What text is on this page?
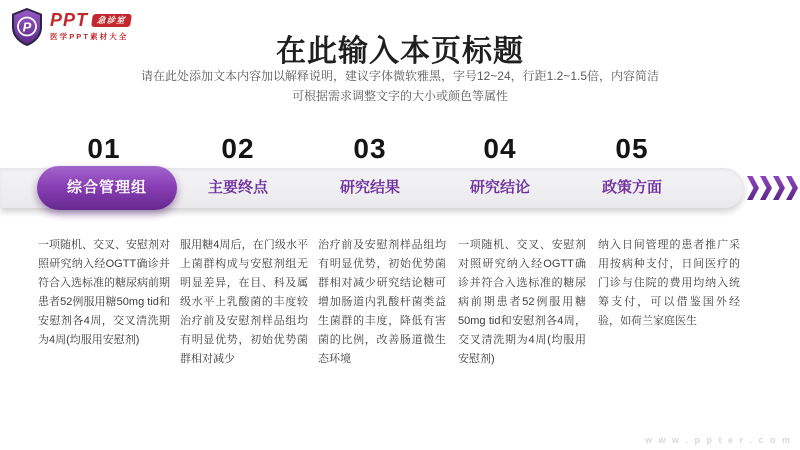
P PPT 急诊室
医学PPT素材大全	在此输入本页标题
请在此处添加文本内容加以解释说明，建议字体微软雅黑，字号12~24，行距1.2~1.5倍，内容简洁
可根据需求调整文字的大小或颜色等属性
01	02	03	04	05
综合管理组	主要终点	研究结果	研究结论	政策方面
一项随机、交叉、安慰剂对照研究纳入经OGTT确诊并符合入选标准的糖尿病前期患者52例服用糖50mg tid和安慰剂各4周，交叉清洗期为4周(均服用安慰剂)
服用糖4周后，在门级水平上菌群构成与安慰剂组无明显差异，在目、科及属级水平上乳酸菌的丰度较治疗前及安慰剂样品组均有明显优势，初始优势菌群相对减少
治疗前及安慰剂样品组均有明显优势，初始优势菌群相对减少研究结论糖可增加肠道内乳酸杆菌类益生菌群的丰度，降低有害菌的比例，改善肠道微生态环境
一项随机、交叉、安慰剂对照研究纳入经OGTT确诊并符合入选标准的糖尿病前期患者52例服用糖50mg tid和安慰剂各4周，交叉清洗期为4周(均服用安慰剂)
纳入日间管理的患者推广采用按病种支付，日间医疗的门诊与住院的费用均纳入统筹支付，可以借鉴国外经验，如荷兰家庭医生
w w w . p p t e r . c o m
